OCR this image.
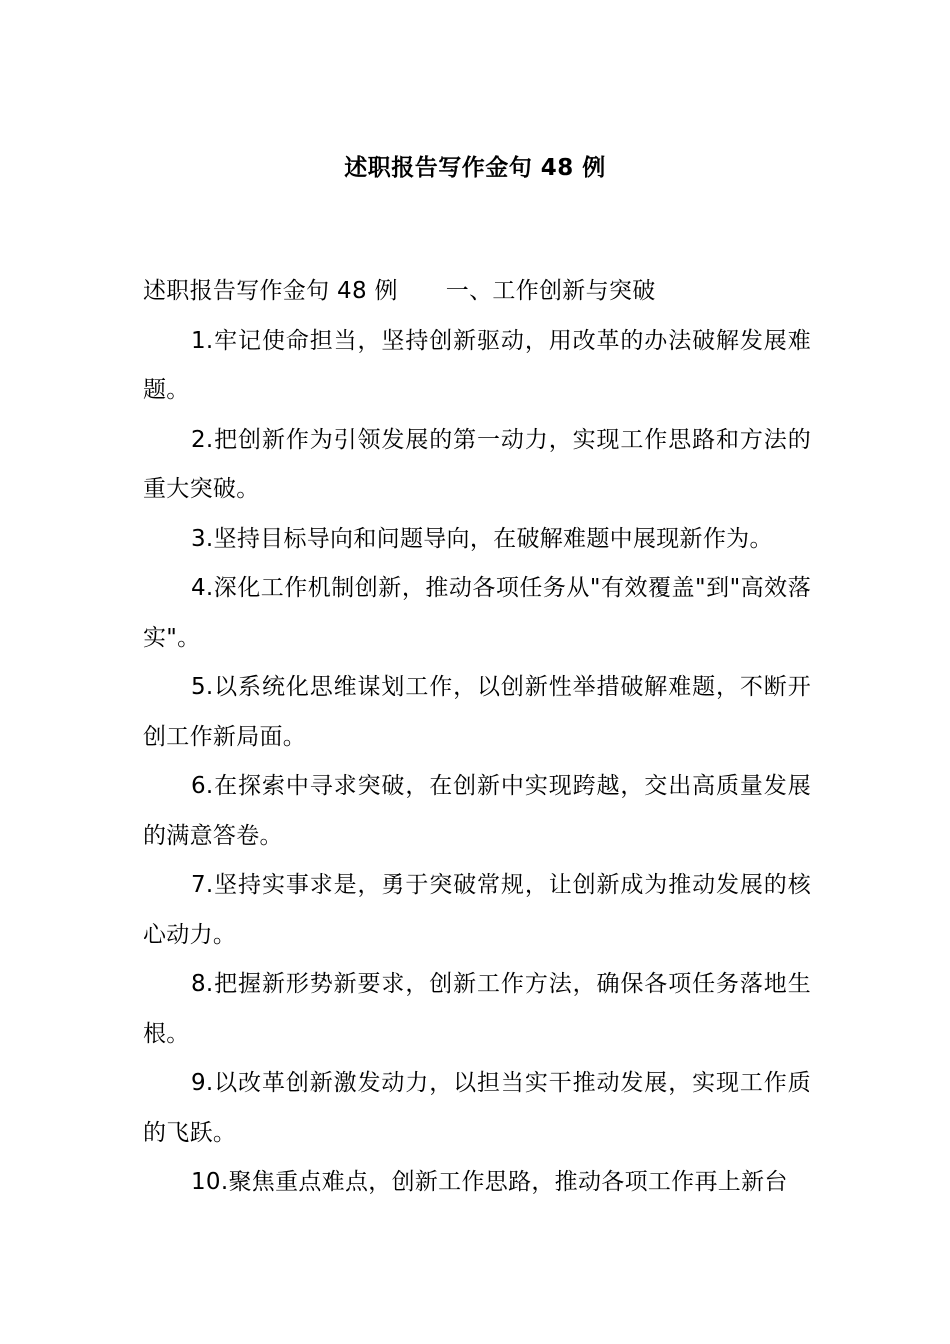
述职报告写作金句 48 例

述职报告写作金句 48 例 一、工作创新与突破

1.牢记使命担当，坚持创新驱动，用改革的办法破解发展难题。

2.把创新作为引领发展的第一动力，实现工作思路和方法的重大突破。

3.坚持目标导向和问题导向，在破解难题中展现新作为。

4.深化工作机制创新，推动各项任务从"有效覆盖"到"高效落实"。

5.以系统化思维谋划工作，以创新性举措破解难题，不断开创工作新局面。

6.在探索中寻求突破，在创新中实现跨越，交出高质量发展的满意答卷。

7.坚持实事求是，勇于突破常规，让创新成为推动发展的核心动力。

8.把握新形势新要求，创新工作方法，确保各项任务落地生根。

9.以改革创新激发动力，以担当实干推动发展，实现工作质的飞跃。

10.聚焦重点难点，创新工作思路，推动各项工作再上新台
